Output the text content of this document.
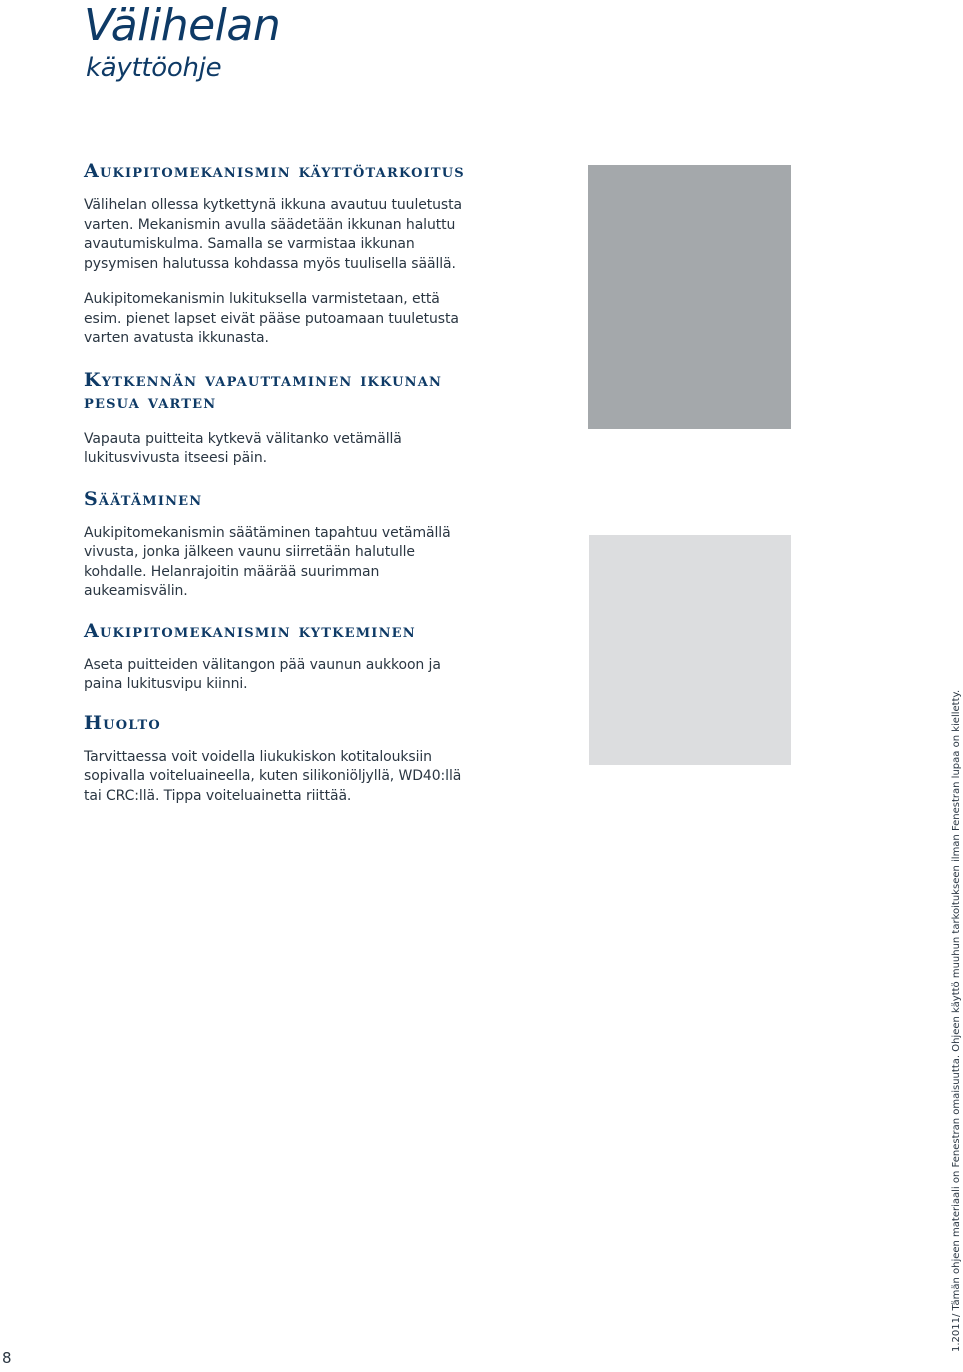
Välihelan
käyttöohje
Aukipitomekanismin käyttötarkoitus

Välihelan ollessa kytkettynä ikkuna avautuu tuuletusta varten. Mekanismin avulla säädetään ikkunan haluttu avautumiskulma. Samalla se varmistaa ikkunan pysymisen halutussa kohdassa myös tuulisella säällä.

Aukipitomekanismin lukituksella varmistetaan, että esim. pienet lapset eivät pääse putoamaan tuuletusta varten avatusta ikkunasta.

Kytkennän vapauttaminen ikkunan pesua varten

Vapauta puitteita kytkevä välitanko vetämällä lukitusvivusta itseesi päin.

Säätäminen

Aukipitomekanismin säätäminen tapahtuu vetämällä vivusta, jonka jälkeen vaunu siirretään halutulle kohdalle. Helanrajoitin määrää suurimman aukeamisvälin.

Aukipitomekanismin kytkeminen

Aseta puitteiden välitangon pää vaunun aukkoon ja paina lukitusvipu kiinni.

Huolto

Tarvittaessa voit voidella liukukiskon kotitalouksiin sopivalla voiteluaineella, kuten silikoniöljyllä, WD40:llä tai CRC:llä. Tippa voiteluainetta riittää.

8
1.2011/ Tämän ohjeen materiaali on Fenestran omaisuutta. Ohjeen käyttö muuhun tarkoitukseen ilman Fenestran lupaa on kielletty.
